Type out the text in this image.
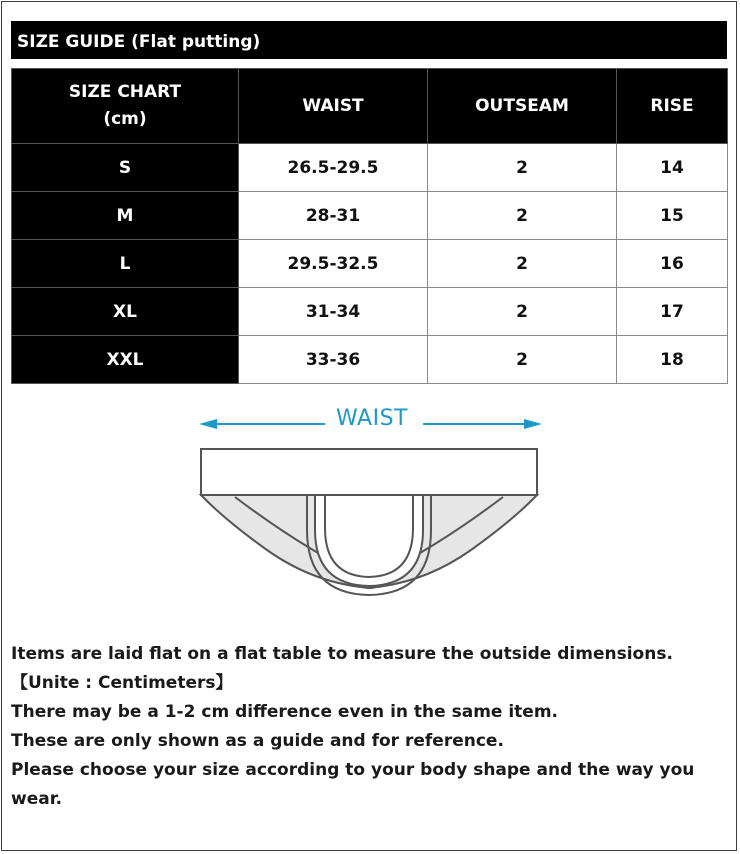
SIZE GUIDE (Flat putting)
SIZE CHART
(cm)	WAIST	OUTSEAM	RISE
S	26.5-29.5	2	14
M	28-31	2	15
L	29.5-32.5	2	16
XL	31-34	2	17
XXL	33-36	2	18
WAIST
Items are laid flat on a flat table to measure the outside dimensions.
【Unite : Centimeters】
There may be a 1-2 cm difference even in the same item.
These are only shown as a guide and for reference.
Please choose your size according to your body shape and the way you wear.
